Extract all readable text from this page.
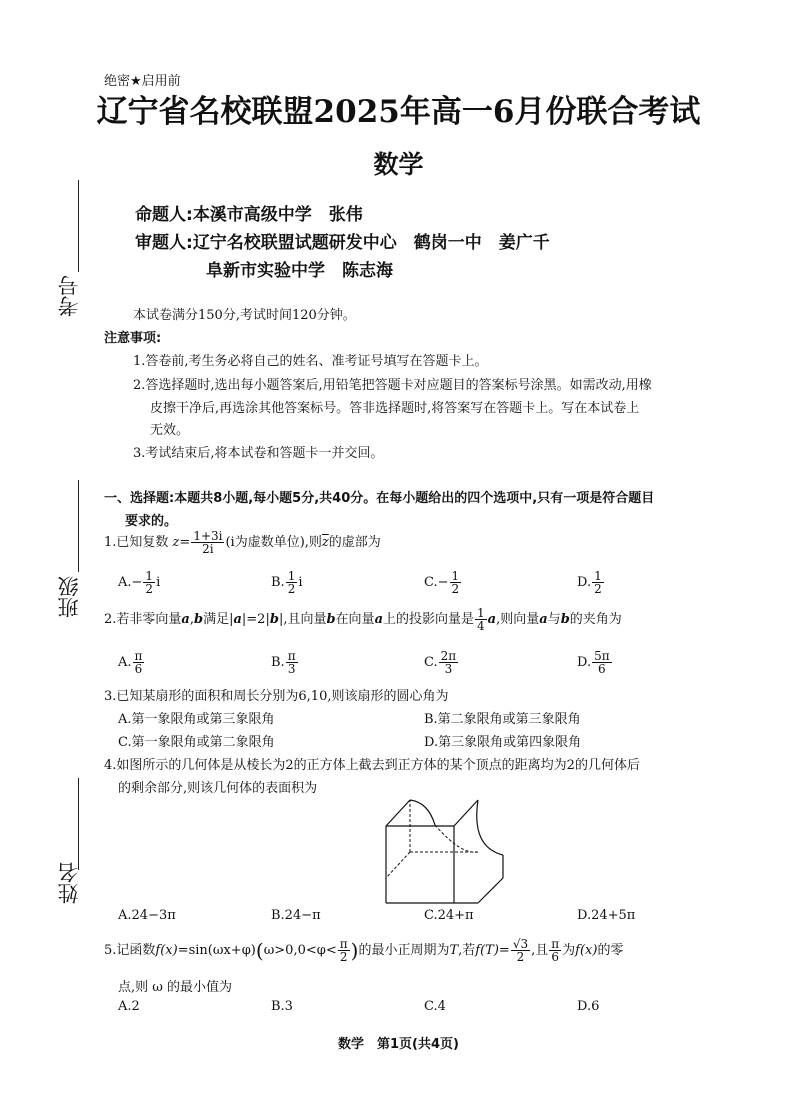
考号
班级
姓名
绝密★启用前
辽宁省名校联盟2025年高一6月份联合考试
数学
命题人:本溪市高级中学　张伟
审题人:辽宁名校联盟试题研发中心　鹤岗一中　姜广千
阜新市实验中学　陈志海
本试卷满分150分,考试时间120分钟。
注意事项:
1.答卷前,考生务必将自己的姓名、准考证号填写在答题卡上。
2.答选择题时,选出每小题答案后,用铅笔把答题卡对应题目的答案标号涂黑。如需改动,用橡
皮擦干净后,再选涂其他答案标号。答非选择题时,将答案写在答题卡上。写在本试卷上
无效。
3.考试结束后,将本试卷和答题卡一并交回。
一、选择题:本题共8小题,每小题5分,共40分。在每小题给出的四个选项中,只有一项是符合题目
要求的。
1.已知复数 $z= \frac{1+3i}{2i} (i$为虚数单位),则$\overline{z}$的虚部为
$A.- \frac{1}{2}$ i	B. $\frac{1}{2}$ i	$C.- \frac{1}{2}$	D. $\frac{1}{2}$
2.若非零向量a,b满足|a|=2|b|,且向量b在向量a上的投影向量是 $\frac{1}{4} a$,则向量a与b的夹角为
A. $\frac{\pi}{6}$	B. $\frac{\pi}{3}$	C. $\frac{2\pi}{3}$	D. $\frac{5\pi}{6}$
3.已知某扇形的面积和周长分别为6,10,则该扇形的圆心角为
A.第一象限角或第三象限角	B.第二象限角或第三象限角
C.第一象限角或第二象限角	D.第三象限角或第四象限角
4.如图所示的几何体是从棱长为2的正方体上截去到正方体的某个顶点的距离均为2的几何体后
的剩余部分,则该几何体的表面积为
A.24−3π	B.24−π	C.24+π	D.24+5π
5.记函数$f(x)=\sin(\omega x+\varphi)(\omega>0,0<\varphi< \frac{\pi}{2}$ )的最小正周期为T,若$f(T)= \frac{√3}{2}$ ,且 $\frac{\pi}{6}$ 为f(x)的零
点,则 ω 的最小值为
A.2	B.3	C.4	D.6
数学　第1页(共4页)
